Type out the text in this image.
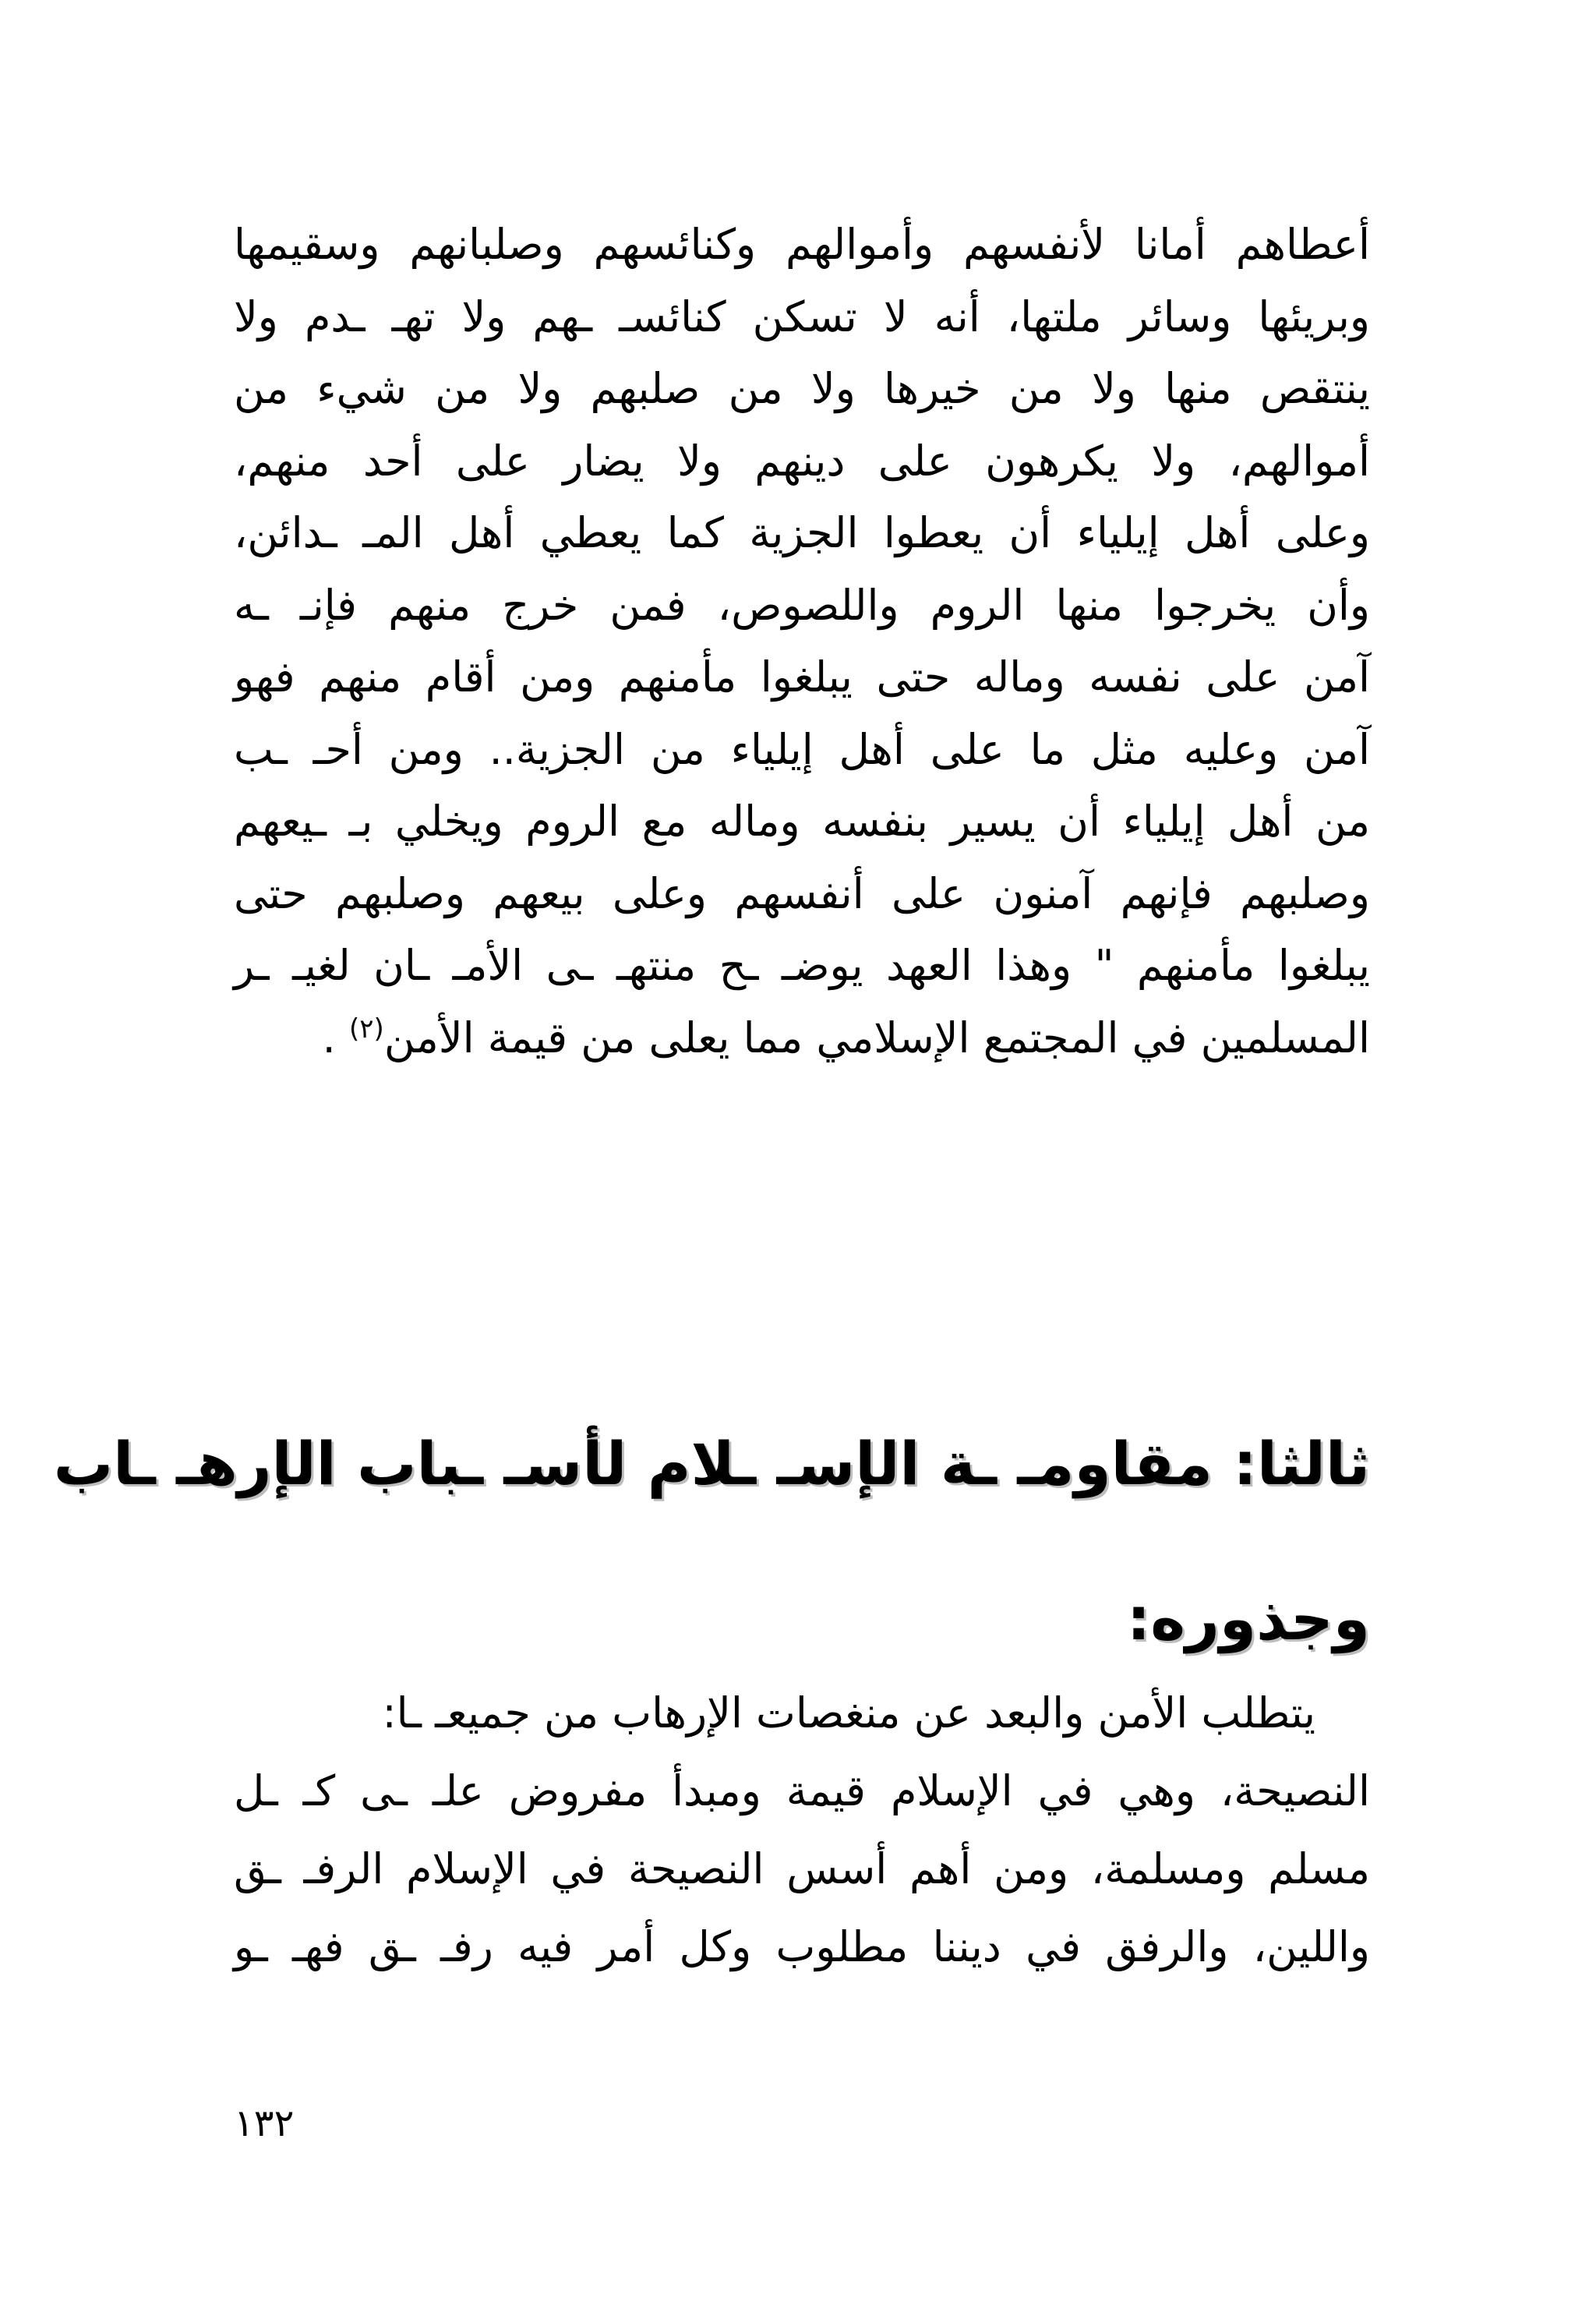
أعطاهم أمانا لأنفسهم وأموالهم وكنائسهم وصلبانهم وسقيمها
وبريئها وسائر ملتها، أنه لا تسكن كنائسـ ـهم ولا تهـ ـدم ولا
ينتقص منها ولا من خيرها ولا من صلبهم ولا من شيء من
أموالهم، ولا يكرهون على دينهم ولا يضار على أحد منهم،
وعلى أهل إيلياء أن يعطوا الجزية كما يعطي أهل المـ ـدائن،
وأن يخرجوا منها الروم واللصوص، فمن خرج منهم فإنـ ـه
آمن على نفسه وماله حتى يبلغوا مأمنهم ومن أقام منهم فهو
آمن وعليه مثل ما على أهل إيلياء من الجزية.. ومن أحـ ـب
من أهل إيلياء أن يسير بنفسه وماله مع الروم ويخلي بـ ـيعهم
وصلبهم فإنهم آمنون على أنفسهم وعلى بيعهم وصلبهم حتى
يبلغوا مأمنهم " وهذا العهد يوضـ ـح منتهـ ـى الأمـ ـان لغيـ ـر
المسلمين في المجتمع الإسلامي مما يعلى من قيمة الأمن$^{(٢)}$ .
ثالثا: مقاومـ ـة الإسـ ـلام لأسـ ـباب الإرهـ ـاب
وجذوره:
يتطلب الأمن والبعد عن منغصات الإرهاب من جميعـ ـا:
النصيحة، وهي في الإسلام قيمة ومبدأ مفروض علـ ـى كـ ـل
مسلم ومسلمة، ومن أهم أسس النصيحة في الإسلام الرفـ ـق
واللين، والرفق في ديننا مطلوب وكل أمر فيه رفـ ـق فهـ ـو
١٣٢
